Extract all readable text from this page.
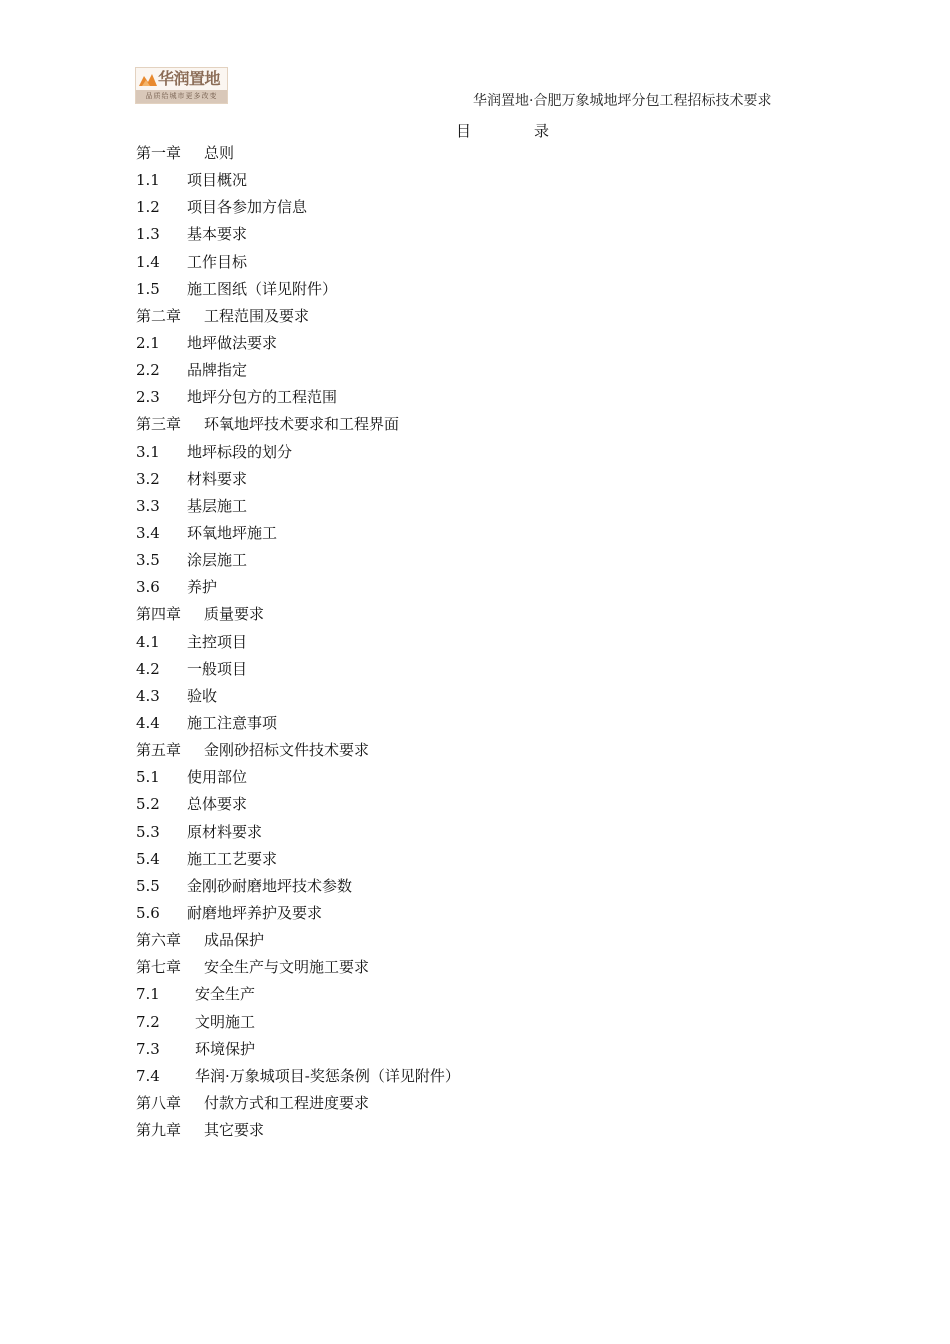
华润置地
品质给城市更多改变	华润置地·合肥万象城地坪分包工程招标技术要求
目	录
第一章 总则
1.1 项目概况
1.2 项目各参加方信息
1.3 基本要求
1.4 工作目标
1.5 施工图纸（详见附件）
第二章 工程范围及要求
2.1 地坪做法要求
2.2 品牌指定
2.3 地坪分包方的工程范围
第三章 环氧地坪技术要求和工程界面
3.1 地坪标段的划分
3.2 材料要求
3.3 基层施工
3.4 环氧地坪施工
3.5 涂层施工
3.6 养护
第四章 质量要求
4.1 主控项目
4.2 一般项目
4.3 验收
4.4 施工注意事项
第五章 金刚砂招标文件技术要求
5.1 使用部位
5.2 总体要求
5.3 原材料要求
5.4 施工工艺要求
5.5 金刚砂耐磨地坪技术参数
5.6 耐磨地坪养护及要求
第六章 成品保护
第七章 安全生产与文明施工要求
7.1 安全生产
7.2 文明施工
7.3 环境保护
7.4 华润·万象城项目-奖惩条例（详见附件）
第八章 付款方式和工程进度要求
第九章 其它要求
